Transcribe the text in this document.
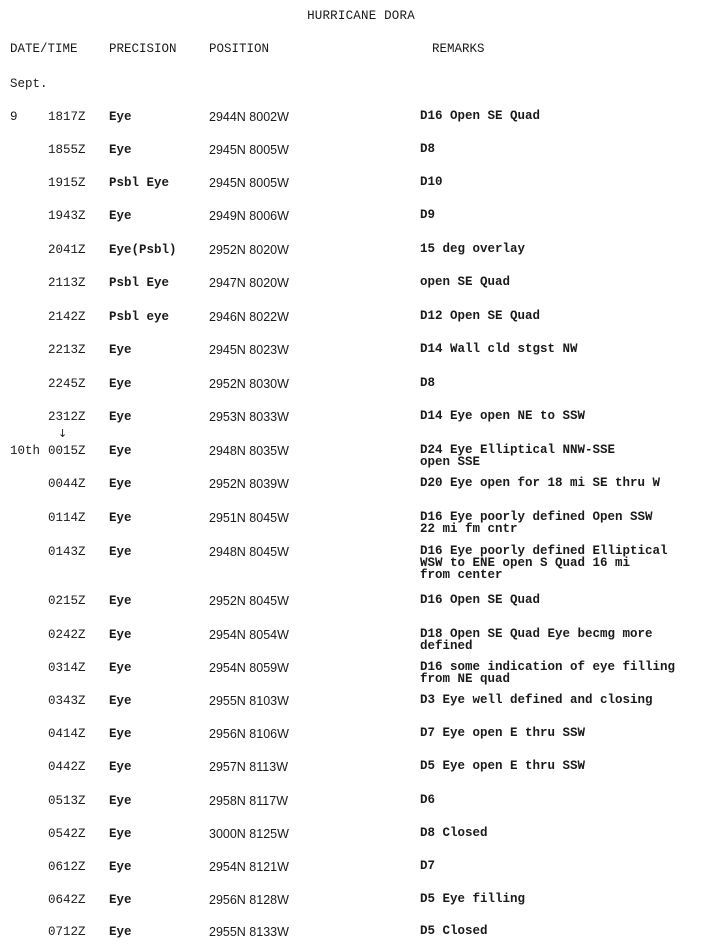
HURRICANE DORA
DATE/TIME	PRECISION	POSITION	REMARKS
Sept.
↓
9 1817Z Eye	2944N 8002W	D16 Open SE Quad
1855Z Eye	2945N 8005W	D8
1915Z Psbl Eye	2945N 8005W	D10
1943Z Eye	2949N 8006W	D9
2041Z Eye(Psbl)	2952N 8020W	15 deg overlay
2113Z Psbl Eye	2947N 8020W	open SE Quad
2142Z Psbl eye	2946N 8022W	D12 Open SE Quad
2213Z Eye	2945N 8023W	D14 Wall cld stgst NW
2245Z Eye	2952N 8030W	D8
2312Z Eye	2953N 8033W	D14 Eye open NE to SSW
10th 0015Z Eye	2948N 8035W	D24 Eye Elliptical NNW-SSE
open SSE
0044Z Eye	2952N 8039W	D20 Eye open for 18 mi SE thru W
0114Z Eye	2951N 8045W	D16 Eye poorly defined Open SSW
22 mi fm cntr
0143Z Eye	2948N 8045W	D16 Eye poorly defined Elliptical
WSW to ENE open S Quad 16 mi
from center
0215Z Eye	2952N 8045W	D16 Open SE Quad
0242Z Eye	2954N 8054W	D18 Open SE Quad Eye becmg more
defined
0314Z Eye	2954N 8059W	D16 some indication of eye filling
from NE quad
0343Z Eye	2955N 8103W	D3 Eye well defined and closing
0414Z Eye	2956N 8106W	D7 Eye open E thru SSW
0442Z Eye	2957N 8113W	D5 Eye open E thru SSW
0513Z Eye	2958N 8117W	D6
0542Z Eye	3000N 8125W	D8 Closed
0612Z Eye	2954N 8121W	D7
0642Z Eye	2956N 8128W	D5 Eye filling
0712Z Eye	2955N 8133W	D5 Closed
